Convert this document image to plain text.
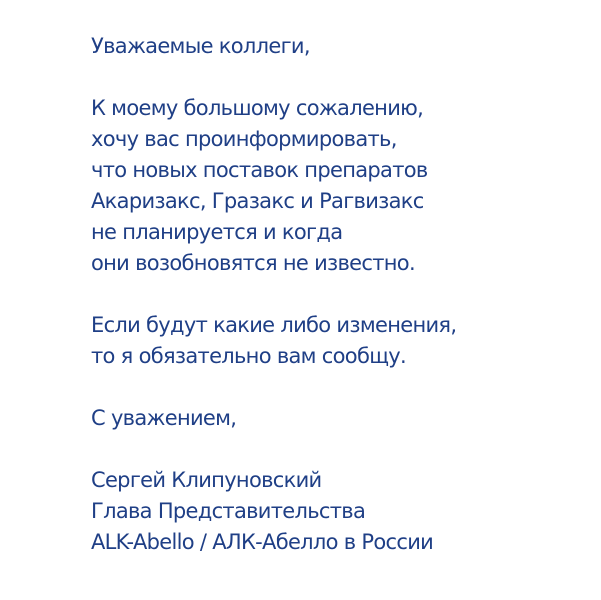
Уважаемые коллеги,
К моему большому сожалению,
хочу вас проинформировать,
что новых поставок препаратов
Акаризакс, Гразакс и Рагвизакс
не планируется и когда
они возобновятся не известно.
Если будут какие либо изменения,
то я обязательно вам сообщу.
С уважением,
Сергей Клипуновский
Глава Представительства
ALK-Abello / АЛК-Абелло в России
